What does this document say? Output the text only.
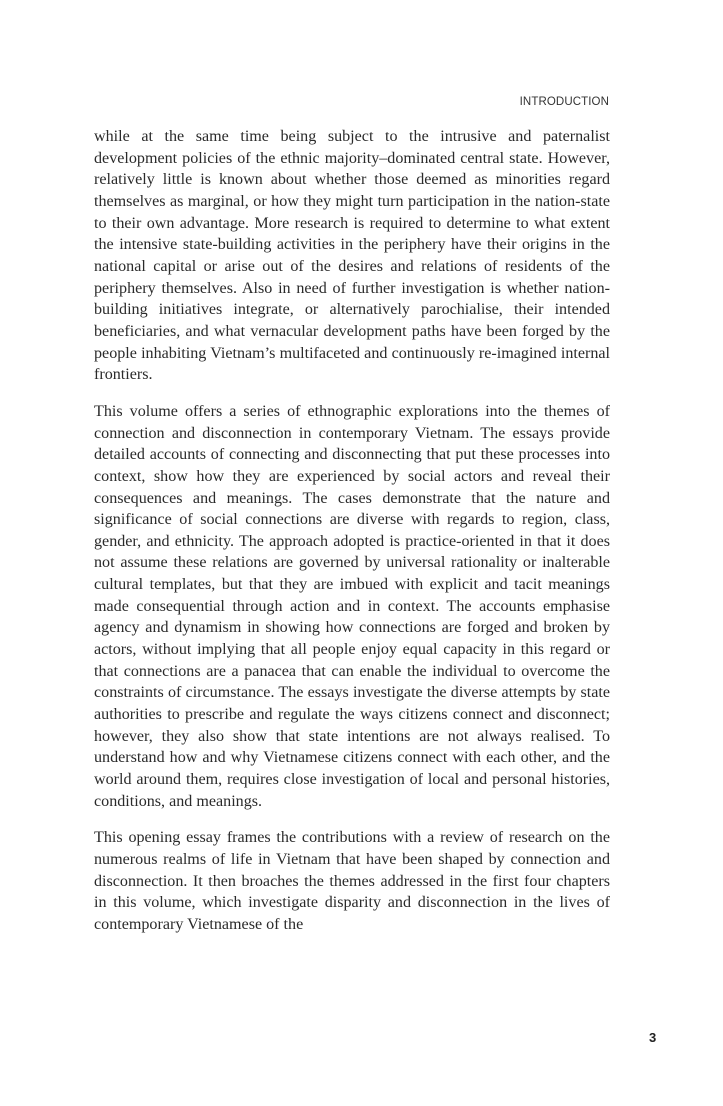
INTRODUCTION

while at the same time being subject to the intrusive and paternalist development policies of the ethnic majority–dominated central state. However, relatively little is known about whether those deemed as minorities regard themselves as marginal, or how they might turn participation in the nation-state to their own advantage. More research is required to determine to what extent the intensive state-building activities in the periphery have their origins in the national capital or arise out of the desires and relations of residents of the periphery themselves. Also in need of further investigation is whether nation-building initiatives integrate, or alternatively parochialise, their intended beneficiaries, and what vernacular development paths have been forged by the people inhabiting Vietnam’s multifaceted and continuously re-imagined internal frontiers.

This volume offers a series of ethnographic explorations into the themes of connection and disconnection in contemporary Vietnam. The essays provide detailed accounts of connecting and disconnecting that put these processes into context, show how they are experienced by social actors and reveal their consequences and meanings. The cases demonstrate that the nature and significance of social connections are diverse with regards to region, class, gender, and ethnicity. The approach adopted is practice-oriented in that it does not assume these relations are governed by universal rationality or inalterable cultural templates, but that they are imbued with explicit and tacit meanings made consequential through action and in context. The accounts emphasise agency and dynamism in showing how connections are forged and broken by actors, without implying that all people enjoy equal capacity in this regard or that connections are a panacea that can enable the individual to overcome the constraints of circumstance. The essays investigate the diverse attempts by state authorities to prescribe and regulate the ways citizens connect and disconnect; however, they also show that state intentions are not always realised. To understand how and why Vietnamese citizens connect with each other, and the world around them, requires close investigation of local and personal histories, conditions, and meanings.

This opening essay frames the contributions with a review of research on the numerous realms of life in Vietnam that have been shaped by connection and disconnection. It then broaches the themes addressed in the first four chapters in this volume, which investigate disparity and disconnection in the lives of contemporary Vietnamese of the

3
